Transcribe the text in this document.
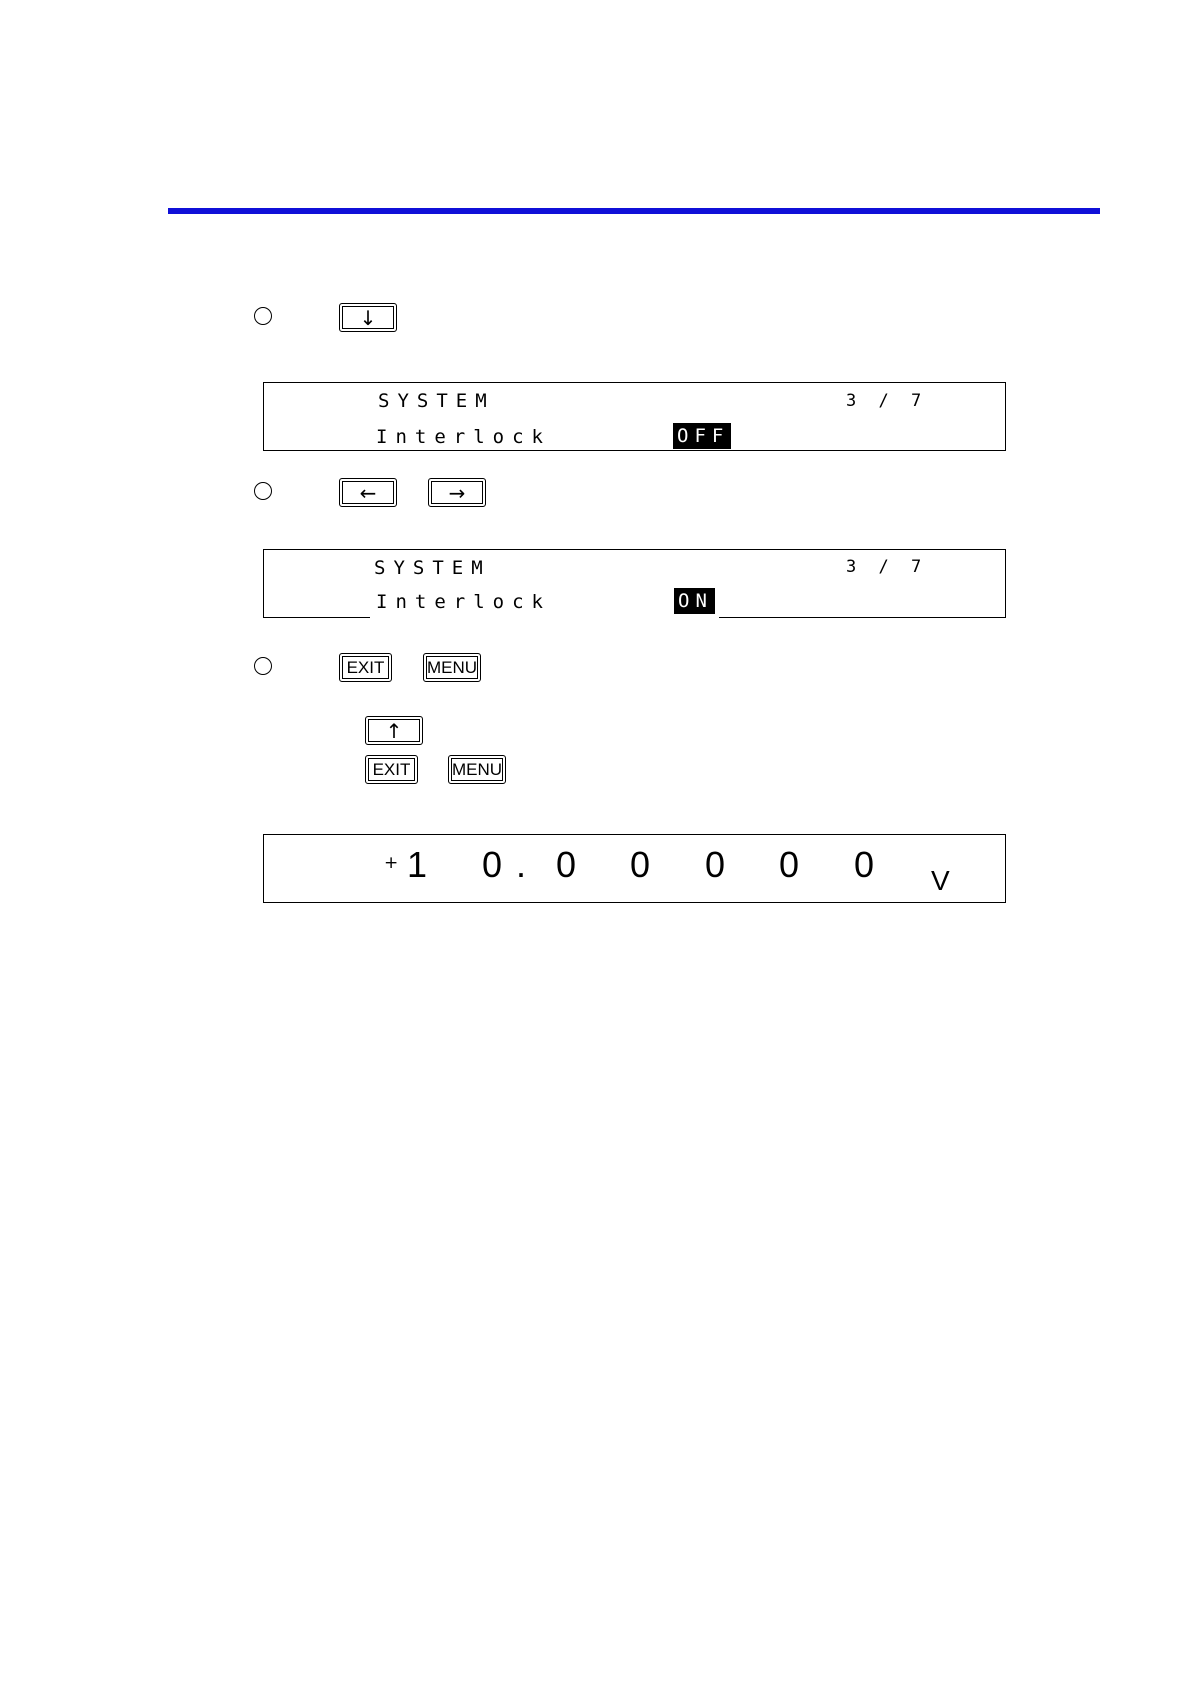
↓
SYSTEM	3 / 7
Interlock	OFF
←	→
SYSTEM	3 / 7
Interlock	ON
EXIT	MENU
↑
EXIT	MENU
+ 1 0 . 0 0 0 0 0 V
